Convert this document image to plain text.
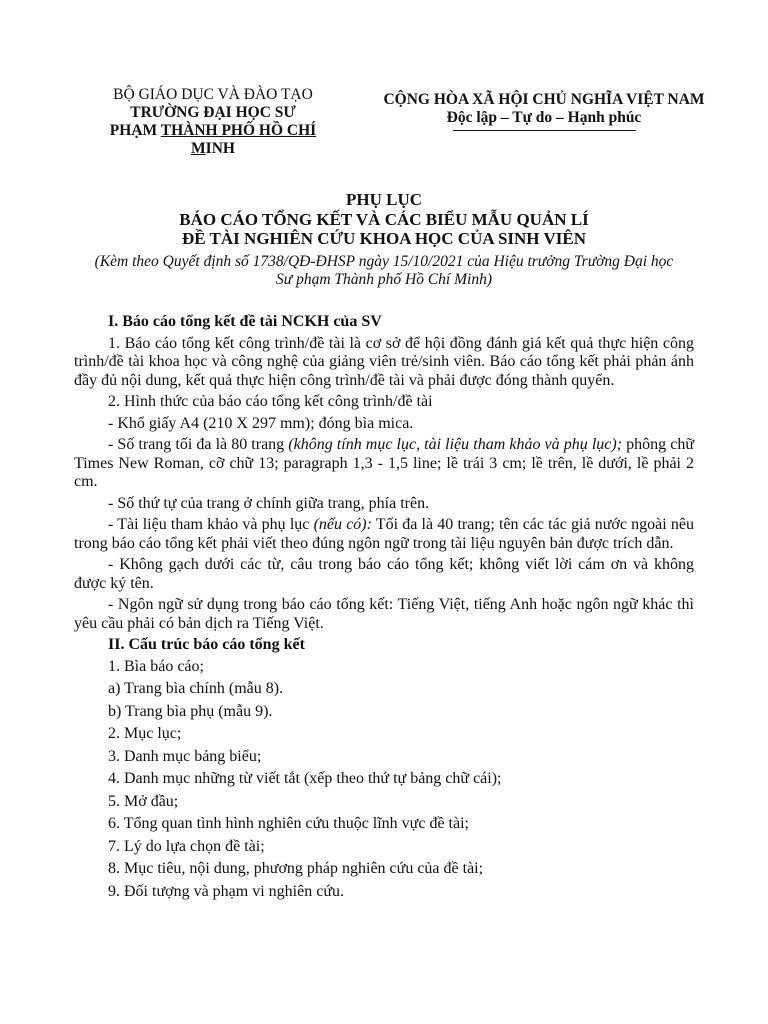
BỘ GIÁO DỤC VÀ ĐÀO TẠO
TRƯỜNG ĐẠI HỌC SƯ
PHẠM THÀNH PHỐ HỒ CHÍ
MINH
CỘNG HÒA XÃ HỘI CHỦ NGHĨA VIỆT NAM
Độc lập – Tự do – Hạnh phúc
PHỤ LỤC
BÁO CÁO TỔNG KẾT VÀ CÁC BIỂU MẪU QUẢN LÍ
ĐỀ TÀI NGHIÊN CỨU KHOA HỌC CỦA SINH VIÊN
(Kèm theo Quyết định số 1738/QĐ-ĐHSP ngày 15/10/2021 của Hiệu trưởng Trường Đại học
Sư phạm Thành phố Hồ Chí Minh)

I. Báo cáo tổng kết đề tài NCKH của SV

1. Báo cáo tổng kết công trình/đề tài là cơ sở để hội đồng đánh giá kết quả thực hiện công trình/đề tài khoa học và công nghệ của giảng viên trẻ/sinh viên. Báo cáo tổng kết phải phản ánh đầy đủ nội dung, kết quả thực hiện công trình/đề tài và phải được đóng thành quyển.

2. Hình thức của báo cáo tổng kết công trình/đề tài

- Khổ giấy A4 (210 X 297 mm); đóng bìa mica.

- Số trang tối đa là 80 trang (không tính mục lục, tài liệu tham khảo và phụ lục); phông chữ Times New Roman, cỡ chữ 13; paragraph 1,3 - 1,5 line; lề trái 3 cm; lề trên, lề dưới, lề phải 2 cm.

- Số thứ tự của trang ở chính giữa trang, phía trên.

- Tài liệu tham khảo và phụ lục (nếu có): Tối đa là 40 trang; tên các tác giả nước ngoài nêu trong báo cáo tổng kết phải viết theo đúng ngôn ngữ trong tài liệu nguyên bản được trích dẫn.

- Không gạch dưới các từ, câu trong báo cáo tổng kết; không viết lời cám ơn và không được ký tên.

- Ngôn ngữ sử dụng trong báo cáo tổng kết: Tiếng Việt, tiếng Anh hoặc ngôn ngữ khác thì yêu cầu phải có bản dịch ra Tiếng Việt.

II. Cấu trúc báo cáo tổng kết

1. Bìa báo cáo;

a) Trang bìa chính (mẫu 8).

b) Trang bìa phụ (mẫu 9).

2. Mục lục;

3. Danh mục bảng biểu;

4. Danh mục những từ viết tắt (xếp theo thứ tự bảng chữ cái);

5. Mở đầu;

6. Tổng quan tình hình nghiên cứu thuộc lĩnh vực đề tài;

7. Lý do lựa chọn đề tài;

8. Mục tiêu, nội dung, phương pháp nghiên cứu của đề tài;

9. Đối tượng và phạm vi nghiên cứu.
